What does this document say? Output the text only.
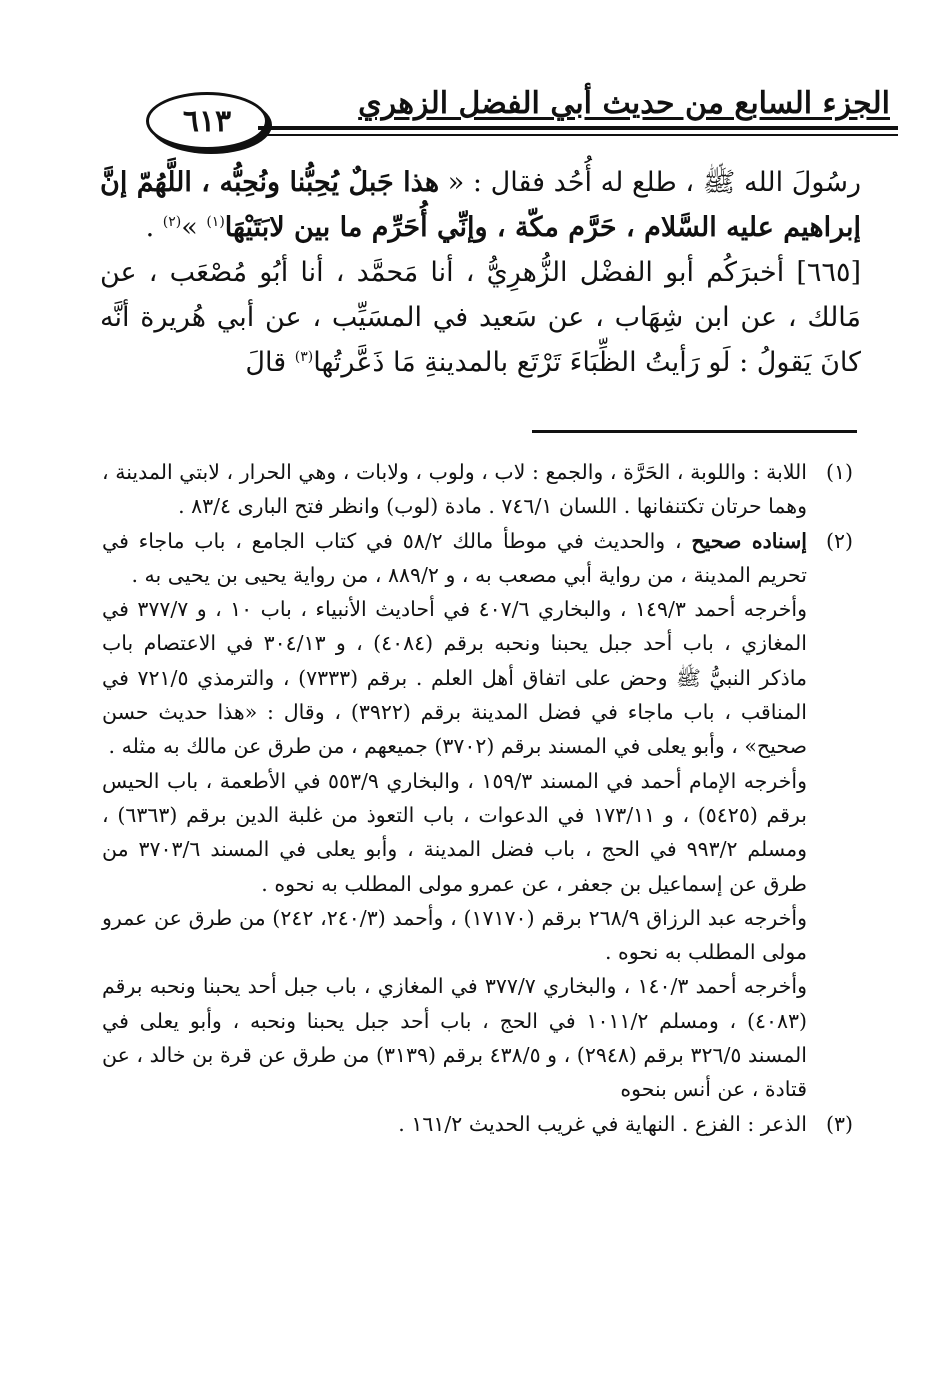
٦١٣	الجزء السابع من حديث أبي الفضل الزهري

رسُولَ الله ﷺ ، طلع له أُحُد فقال : « هذا جَبلٌ يُحِبُّنا ونُحِبُّه ، اللَّهُمّ إنَّ إبراهيم عليه السَّلام ، حَرَّم مكّة ، وإنِّي أُحَرِّم ما بين لابَتَيْهَا$^{(١)}$ »$^{(٢)}$ .

[٦٦٥] أخبرَكُم أبو الفضْل الزُّهرِيُّ ، أنا مَحمَّد ، أنا أبُو مُصْعَب ، عن مَالك ، عن ابن شِهَاب ، عن سَعيد في المسَيِّب ، عن أبي هُريرة أنَّه كانَ يَقولُ : لَو رَأيتُ الظِّبَاءَ تَرْتَع بالمدينةِ مَا ذَعَّرتُها$^{(٣)}$ قالَ

(١)

اللابة : واللوبة ، الحَرَّة ، والجمع : لاب ، ولوب ، ولابات ، وهي الحرار ، لابتي المدينة ، وهما حرتان تكتنفانها . اللسان ٧٤٦/١ . مادة (لوب) وانظر فتح البارى ٨٣/٤ .

(٢)

إسناده صحيح ، والحديث في موطأ مالك ٥٨/٢ في كتاب الجامع ، باب ماجاء في تحريم المدينة ، من رواية أبي مصعب به ، و ٨٨٩/٢ ، من رواية يحيى بن يحيى به .

وأخرجه أحمد ١٤٩/٣ ، والبخاري ٤٠٧/٦ في أحاديث الأنبياء ، باب ١٠ ، و ٣٧٧/٧ في المغازي ، باب أحد جبل يحبنا ونحبه برقم (٤٠٨٤) ، و ٣٠٤/١٣ في الاعتصام باب ماذكر النبيُّ ﷺ وحض على اتفاق أهل العلم . برقم (٧٣٣٣) ، والترمذي ٧٢١/٥ في المناقب ، باب ماجاء في فضل المدينة برقم (٣٩٢٢) ، وقال : «هذا حديث حسن صحيح» ، وأبو يعلى في المسند برقم (٣٧٠٢) جميعهم ، من طرق عن مالك به مثله .

وأخرجه الإمام أحمد في المسند ١٥٩/٣ ، والبخاري ٥٥٣/٩ في الأطعمة ، باب الحيس برقم (٥٤٢٥) ، و ١٧٣/١١ في الدعوات ، باب التعوذ من غلبة الدين برقم (٦٣٦٣) ، ومسلم ٩٩٣/٢ في الحج ، باب فضل المدينة ، وأبو يعلى في المسند ٣٧٠٣/٦ من طرق عن إسماعيل بن جعفر ، عن عمرو مولى المطلب به نحوه .

وأخرجه عبد الرزاق ٢٦٨/٩ برقم (١٧١٧٠) ، وأحمد (٢٤٠/٣، ٢٤٢) من طرق عن عمرو مولى المطلب به نحوه .

وأخرجه أحمد ١٤٠/٣ ، والبخاري ٣٧٧/٧ في المغازي ، باب جبل أحد يحبنا ونحبه برقم (٤٠٨٣) ، ومسلم ١٠١١/٢ في الحج ، باب أحد جبل يحبنا ونحبه ، وأبو يعلى في المسند ٣٢٦/٥ برقم (٢٩٤٨) ، و ٤٣٨/٥ برقم (٣١٣٩) من طرق عن قرة بن خالد ، عن قتادة ، عن أنس بنحوه

(٣)

الذعر : الفزع . النهاية في غريب الحديث ١٦١/٢ .
